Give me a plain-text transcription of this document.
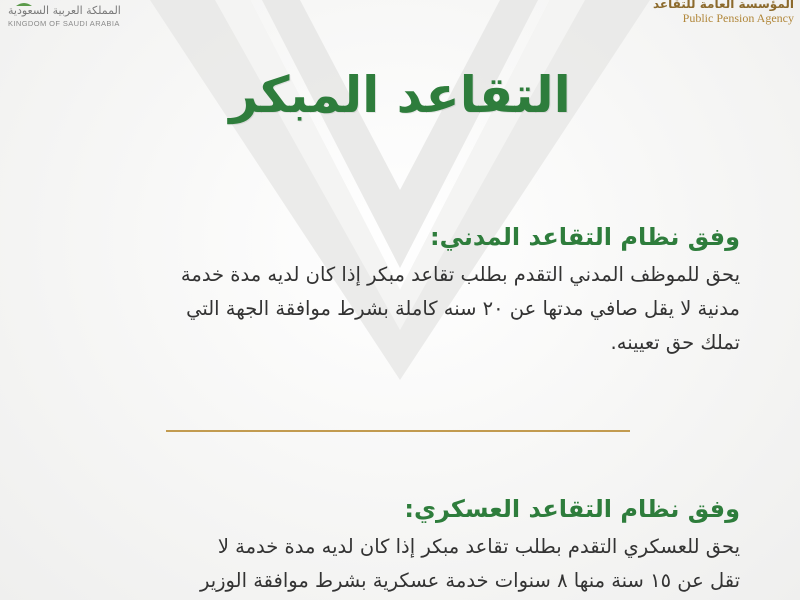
المملكة العربية السعودية
KINGDOM OF SAUDI ARABIA
المؤسسة العامة للتقاعد
Public Pension Agency
التقاعد المبكر
وفق نظام التقاعد المدني:
يحق للموظف المدني التقدم بطلب تقاعد مبكر إذا كان لديه مدة خدمة
مدنية لا يقل صافي مدتها عن ٢٠ سنه كاملة بشرط موافقة الجهة التي
تملك حق تعيينه.
وفق نظام التقاعد العسكري:
يحق للعسكري التقدم بطلب تقاعد مبكر إذا كان لديه مدة خدمة لا
تقل عن ١٥ سنة منها ٨ سنوات خدمة عسكرية بشرط موافقة الوزير
